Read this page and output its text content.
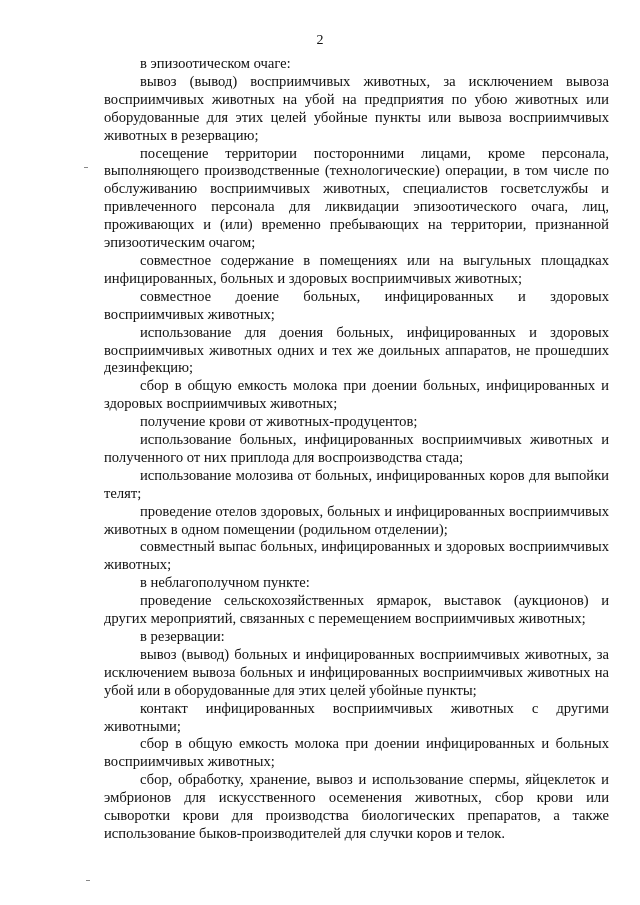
2

в эпизоотическом очаге:

вывоз (вывод) восприимчивых животных, за исключением вывоза восприимчивых животных на убой на предприятия по убою животных или оборудованные для этих целей убойные пункты или вывоза восприимчивых животных в резервацию;

посещение территории посторонними лицами, кроме персонала, выполняющего производственные (технологические) операции, в том числе по обслуживанию восприимчивых животных, специалистов госветслужбы и привлеченного персонала для ликвидации эпизоотического очага, лиц, проживающих и (или) временно пребывающих на территории, признанной эпизоотическим очагом;

совместное содержание в помещениях или на выгульных площадках инфицированных, больных и здоровых восприимчивых животных;

совместное доение больных, инфицированных и здоровых восприимчивых животных;

использование для доения больных, инфицированных и здоровых восприимчивых животных одних и тех же доильных аппаратов, не прошедших дезинфекцию;

сбор в общую емкость молока при доении больных, инфицированных и здоровых восприимчивых животных;

получение крови от животных-продуцентов;

использование больных, инфицированных восприимчивых животных и полученного от них приплода для воспроизводства стада;

использование молозива от больных, инфицированных коров для выпойки телят;

проведение отелов здоровых, больных и инфицированных восприимчивых животных в одном помещении (родильном отделении);

совместный выпас больных, инфицированных и здоровых восприимчивых животных;

в неблагополучном пункте:

проведение сельскохозяйственных ярмарок, выставок (аукционов) и других мероприятий, связанных с перемещением восприимчивых животных;

в резервации:

вывоз (вывод) больных и инфицированных восприимчивых животных, за исключением вывоза больных и инфицированных восприимчивых животных на убой или в оборудованные для этих целей убойные пункты;

контакт инфицированных восприимчивых животных с другими животными;

сбор в общую емкость молока при доении инфицированных и больных восприимчивых животных;

сбор, обработку, хранение, вывоз и использование спермы, яйцеклеток и эмбрионов для искусственного осеменения животных, сбор крови или сыворотки крови для производства биологических препаратов, а также использование быков-производителей для случки коров и телок.
